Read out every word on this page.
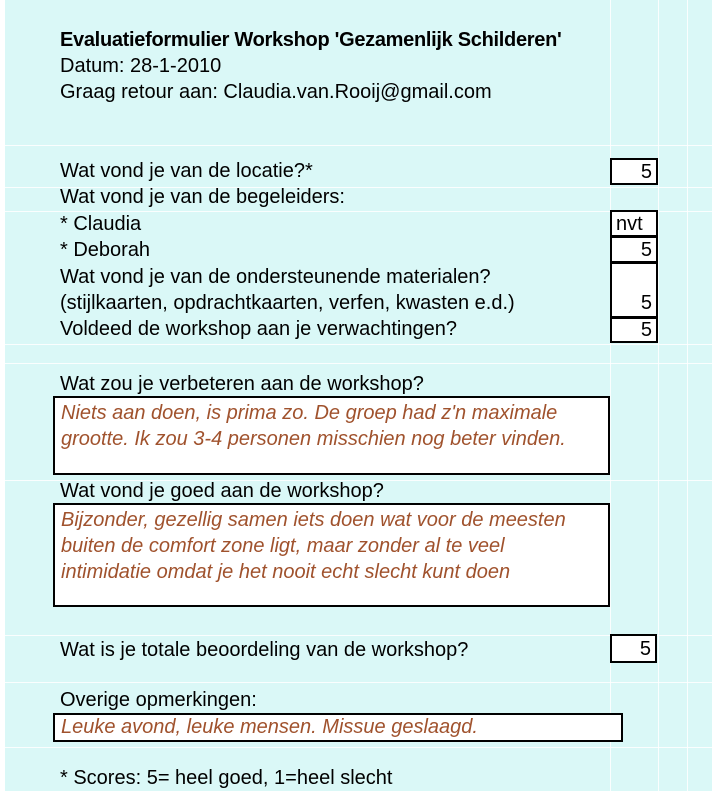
Evaluatieformulier Workshop 'Gezamenlijk Schilderen'
Datum: 28-1-2010
Graag retour aan: Claudia.van.Rooij@gmail.com
Wat vond je van de locatie?*
Wat vond je van de begeleiders:
* Claudia
* Deborah
Wat vond je van de ondersteunende materialen?
(stijlkaarten, opdrachtkaarten, verfen, kwasten e.d.)
Voldeed de workshop aan je verwachtingen?
5
nvt
5
5
5
Wat zou je verbeteren aan de workshop?
Niets aan doen, is prima zo. De groep had z'n maximale
grootte. Ik zou 3-4 personen misschien nog beter vinden.
Wat vond je goed aan de workshop?
Bijzonder, gezellig samen iets doen wat voor de meesten
buiten de comfort zone ligt, maar zonder al te veel
intimidatie omdat je het nooit echt slecht kunt doen
Wat is je totale beoordeling van de workshop?	5
Overige opmerkingen:
Leuke avond, leuke mensen. Missue geslaagd.
* Scores: 5= heel goed, 1=heel slecht
